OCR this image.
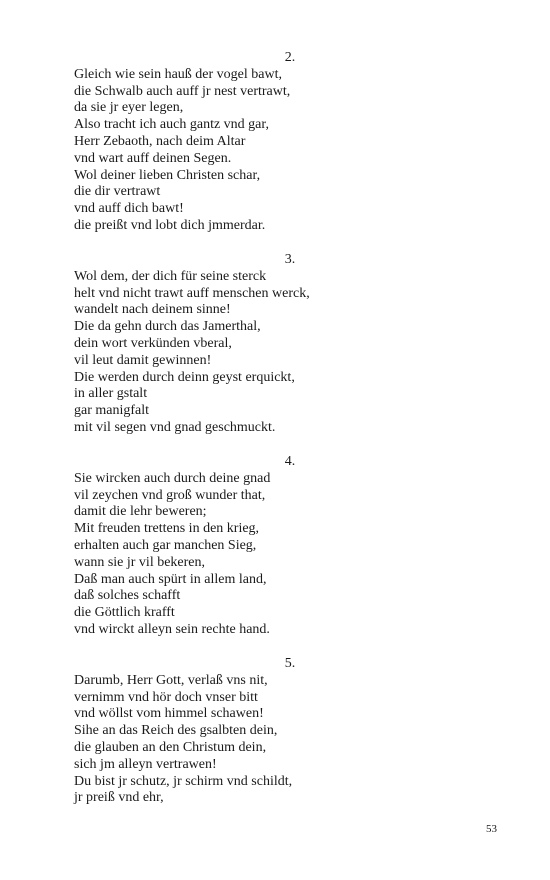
2.
Gleich wie sein hauß der vogel bawt,
die Schwalb auch auff jr nest vertrawt,
da sie jr eyer legen,
Also tracht ich auch gantz vnd gar,
Herr Zebaoth, nach deim Altar
vnd wart auff deinen Segen.
Wol deiner lieben Christen schar,
die dir vertrawt
vnd auff dich bawt!
die preißt vnd lobt dich jmmerdar.
3.
Wol dem, der dich für seine sterck
helt vnd nicht trawt auff menschen werck,
wandelt nach deinem sinne!
Die da gehn durch das Jamerthal,
dein wort verkünden vberal,
vil leut damit gewinnen!
Die werden durch deinn geyst erquickt,
in aller gstalt
gar manigfalt
mit vil segen vnd gnad geschmuckt.
4.
Sie wircken auch durch deine gnad
vil zeychen vnd groß wunder that,
damit die lehr beweren;
Mit freuden trettens in den krieg,
erhalten auch gar manchen Sieg,
wann sie jr vil bekeren,
Daß man auch spürt in allem land,
daß solches schafft
die Göttlich krafft
vnd wirckt alleyn sein rechte hand.
5.
Darumb, Herr Gott, verlaß vns nit,
vernimm vnd hör doch vnser bitt
vnd wöllst vom himmel schawen!
Sihe an das Reich des gsalbten dein,
die glauben an den Christum dein,
sich jm alleyn vertrawen!
Du bist jr schutz, jr schirm vnd schildt,
jr preiß vnd ehr,
53
